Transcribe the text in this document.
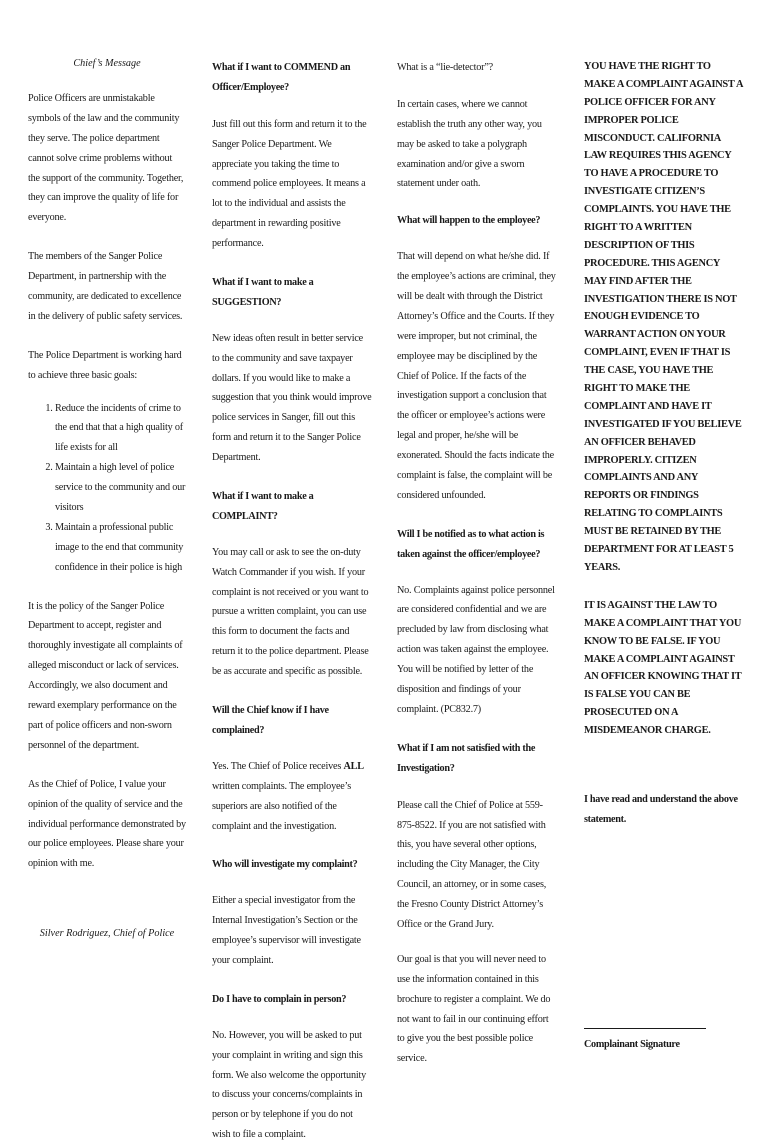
Chief’s Message

Police Officers are unmistakable symbols of the law and the community they serve. The police department cannot solve crime problems without the support of the community. Together, they can improve the quality of life for everyone.

The members of the Sanger Police Department, in partnership with the community, are dedicated to excellence in the delivery of public safety services.

The Police Department is working hard to achieve three basic goals:

1. Reduce the incidents of crime to the end that that a high quality of life exists for all
2. Maintain a high level of police service to the community and our visitors
3. Maintain a professional public image to the end that community confidence in their police is high

It is the policy of the Sanger Police Department to accept, register and thoroughly investigate all complaints of alleged misconduct or lack of services. Accordingly, we also document and reward exemplary performance on the part of police officers and non-sworn personnel of the department.

As the Chief of Police, I value your opinion of the quality of service and the individual performance demonstrated by our police employees. Please share your opinion with me.

Silver Rodriguez, Chief of Police

What if I want to COMMEND an Officer/Employee?

Just fill out this form and return it to the Sanger Police Department. We appreciate you taking the time to commend police employees. It means a lot to the individual and assists the department in rewarding positive performance.

What if I want to make a SUGGESTION?

New ideas often result in better service to the community and save taxpayer dollars. If you would like to make a suggestion that you think would improve police services in Sanger, fill out this form and return it to the Sanger Police Department.

What if I want to make a COMPLAINT?

You may call or ask to see the on-duty Watch Commander if you wish. If your complaint is not received or you want to pursue a written complaint, you can use this form to document the facts and return it to the police department. Please be as accurate and specific as possible.

Will the Chief know if I have complained?

Yes. The Chief of Police receives ALL written complaints. The employee’s superiors are also notified of the complaint and the investigation.

Who will investigate my complaint?

Either a special investigator from the Internal Investigation’s Section or the employee’s supervisor will investigate your complaint.

Do I have to complain in person?

No. However, you will be asked to put your complaint in writing and sign this form. We also welcome the opportunity to discuss your concerns/complaints in person or by telephone if you do not wish to file a complaint.

What is a “lie-detector”?

In certain cases, where we cannot establish the truth any other way, you may be asked to take a polygraph examination and/or give a sworn statement under oath.

What will happen to the employee?

That will depend on what he/she did. If the employee’s actions are criminal, they will be dealt with through the District Attorney’s Office and the Courts. If they were improper, but not criminal, the employee may be disciplined by the Chief of Police. If the facts of the investigation support a conclusion that the officer or employee’s actions were legal and proper, he/she will be exonerated. Should the facts indicate the complaint is false, the complaint will be considered unfounded.

Will I be notified as to what action is taken against the officer/employee?

No. Complaints against police personnel are considered confidential and we are precluded by law from disclosing what action was taken against the employee. You will be notified by letter of the disposition and findings of your complaint. (PC832.7)

What if I am not satisfied with the Investigation?

Please call the Chief of Police at 559-875-8522. If you are not satisfied with this, you have several other options, including the City Manager, the City Council, an attorney, or in some cases, the Fresno County District Attorney’s Office or the Grand Jury.

Our goal is that you will never need to use the information contained in this brochure to register a complaint. We do not want to fail in our continuing effort to give you the best possible police service.

YOU HAVE THE RIGHT TO MAKE A COMPLAINT AGAINST A POLICE OFFICER FOR ANY IMPROPER POLICE MISCONDUCT. CALIFORNIA LAW REQUIRES THIS AGENCY TO HAVE A PROCEDURE TO INVESTIGATE CITIZEN’S COMPLAINTS. YOU HAVE THE RIGHT TO A WRITTEN DESCRIPTION OF THIS PROCEDURE. THIS AGENCY MAY FIND AFTER THE INVESTIGATION THERE IS NOT ENOUGH EVIDENCE TO WARRANT ACTION ON YOUR COMPLAINT, EVEN IF THAT IS THE CASE, YOU HAVE THE RIGHT TO MAKE THE COMPLAINT AND HAVE IT INVESTIGATED IF YOU BELIEVE AN OFFICER BEHAVED IMPROPERLY. CITIZEN COMPLAINTS AND ANY REPORTS OR FINDINGS RELATING TO COMPLAINTS MUST BE RETAINED BY THE DEPARTMENT FOR AT LEAST 5 YEARS.

IT IS AGAINST THE LAW TO MAKE A COMPLAINT THAT YOU KNOW TO BE FALSE. IF YOU MAKE A COMPLAINT AGAINST AN OFFICER KNOWING THAT IT IS FALSE YOU CAN BE PROSECUTED ON A MISDEMEANOR CHARGE.

I have read and understand the above statement.

Complainant Signature
